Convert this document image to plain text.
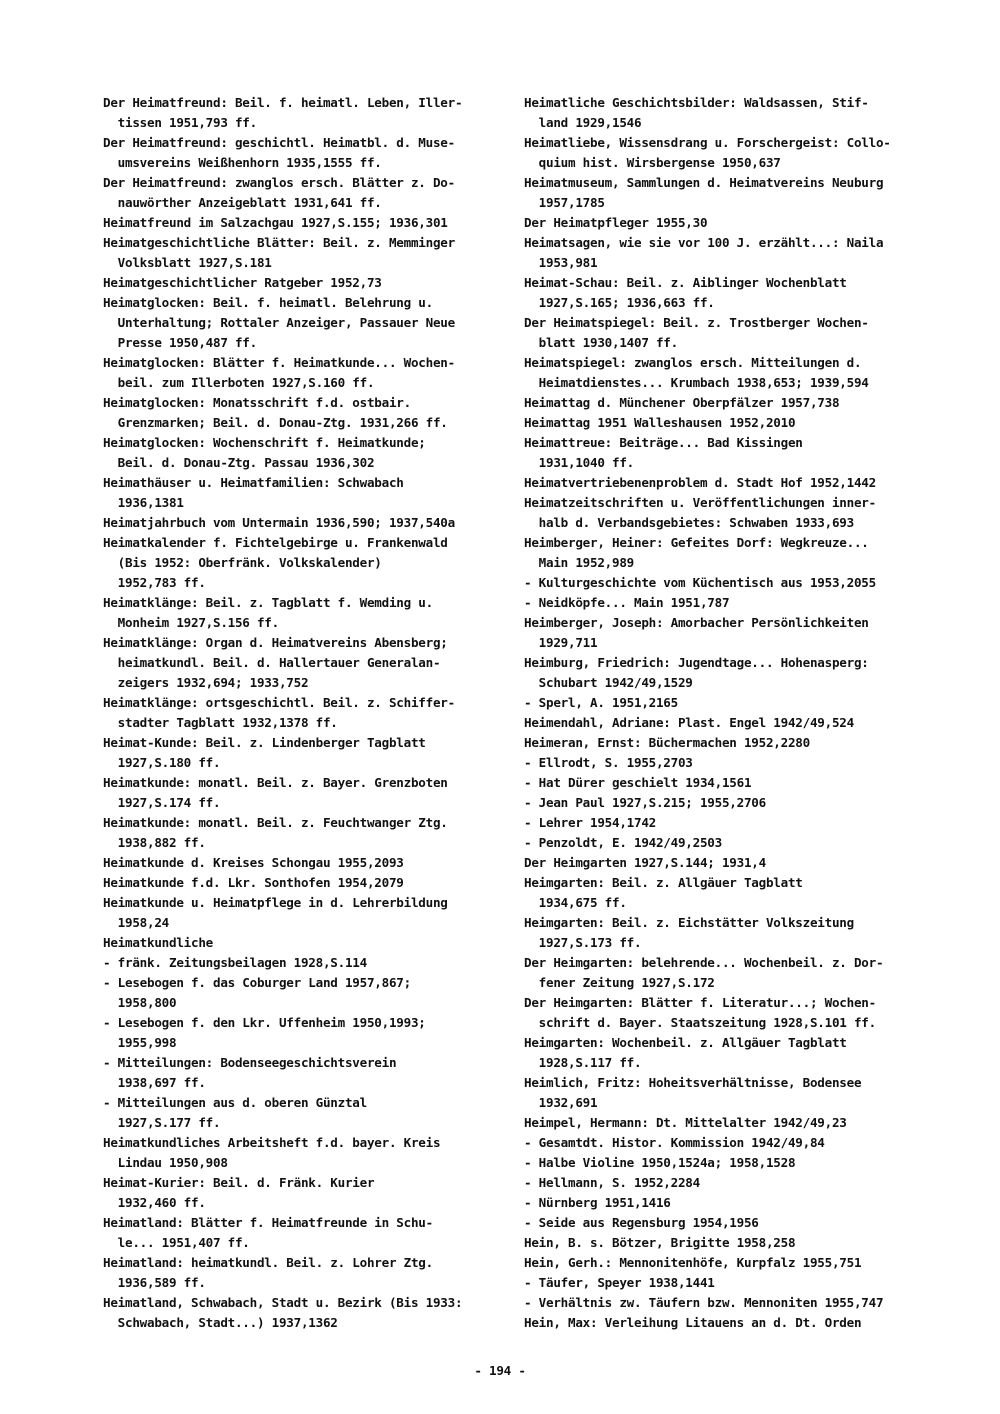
Der Heimatfreund: Beil. f. heimatl. Leben, Iller-
tissen 1951,793 ff.
Der Heimatfreund: geschichtl. Heimatbl. d. Muse-
umsvereins Weißhenhorn 1935,1555 ff.
Der Heimatfreund: zwanglos ersch. Blätter z. Do-
nauwörther Anzeigeblatt 1931,641 ff.
Heimatfreund im Salzachgau 1927,S.155; 1936,301
Heimatgeschichtliche Blätter: Beil. z. Memminger
Volksblatt 1927,S.181
Heimatgeschichtlicher Ratgeber 1952,73
Heimatglocken: Beil. f. heimatl. Belehrung u.
Unterhaltung; Rottaler Anzeiger, Passauer Neue
Presse 1950,487 ff.
Heimatglocken: Blätter f. Heimatkunde... Wochen-
beil. zum Illerboten 1927,S.160 ff.
Heimatglocken: Monatsschrift f.d. ostbair.
Grenzmarken; Beil. d. Donau-Ztg. 1931,266 ff.
Heimatglocken: Wochenschrift f. Heimatkunde;
Beil. d. Donau-Ztg. Passau 1936,302
Heimathäuser u. Heimatfamilien: Schwabach
1936,1381
Heimatjahrbuch vom Untermain 1936,590; 1937,540a
Heimatkalender f. Fichtelgebirge u. Frankenwald
(Bis 1952: Oberfränk. Volkskalender)
1952,783 ff.
Heimatklänge: Beil. z. Tagblatt f. Wemding u.
Monheim 1927,S.156 ff.
Heimatklänge: Organ d. Heimatvereins Abensberg;
heimatkundl. Beil. d. Hallertauer Generalan-
zeigers 1932,694; 1933,752
Heimatklänge: ortsgeschichtl. Beil. z. Schiffer-
stadter Tagblatt 1932,1378 ff.
Heimat-Kunde: Beil. z. Lindenberger Tagblatt
1927,S.180 ff.
Heimatkunde: monatl. Beil. z. Bayer. Grenzboten
1927,S.174 ff.
Heimatkunde: monatl. Beil. z. Feuchtwanger Ztg.
1938,882 ff.
Heimatkunde d. Kreises Schongau 1955,2093
Heimatkunde f.d. Lkr. Sonthofen 1954,2079
Heimatkunde u. Heimatpflege in d. Lehrerbildung
1958,24
Heimatkundliche
- fränk. Zeitungsbeilagen 1928,S.114
- Lesebogen f. das Coburger Land 1957,867;
1958,800
- Lesebogen f. den Lkr. Uffenheim 1950,1993;
1955,998
- Mitteilungen: Bodenseegeschichtsverein
1938,697 ff.
- Mitteilungen aus d. oberen Günztal
1927,S.177 ff.
Heimatkundliches Arbeitsheft f.d. bayer. Kreis
Lindau 1950,908
Heimat-Kurier: Beil. d. Fränk. Kurier
1932,460 ff.
Heimatland: Blätter f. Heimatfreunde in Schu-
le... 1951,407 ff.
Heimatland: heimatkundl. Beil. z. Lohrer Ztg.
1936,589 ff.
Heimatland, Schwabach, Stadt u. Bezirk (Bis 1933:
Schwabach, Stadt...) 1937,1362
Heimatliche Geschichtsbilder: Waldsassen, Stif-
land 1929,1546
Heimatliebe, Wissensdrang u. Forschergeist: Collo-
quium hist. Wirsbergense 1950,637
Heimatmuseum, Sammlungen d. Heimatvereins Neuburg
1957,1785
Der Heimatpfleger 1955,30
Heimatsagen, wie sie vor 100 J. erzählt...: Naila
1953,981
Heimat-Schau: Beil. z. Aiblinger Wochenblatt
1927,S.165; 1936,663 ff.
Der Heimatspiegel: Beil. z. Trostberger Wochen-
blatt 1930,1407 ff.
Heimatspiegel: zwanglos ersch. Mitteilungen d.
Heimatdienstes... Krumbach 1938,653; 1939,594
Heimattag d. Münchener Oberpfälzer 1957,738
Heimattag 1951 Walleshausen 1952,2010
Heimattreue: Beiträge... Bad Kissingen
1931,1040 ff.
Heimatvertriebenenproblem d. Stadt Hof 1952,1442
Heimatzeitschriften u. Veröffentlichungen inner-
halb d. Verbandsgebietes: Schwaben 1933,693
Heimberger, Heiner: Gefeites Dorf: Wegkreuze...
Main 1952,989
- Kulturgeschichte vom Küchentisch aus 1953,2055
- Neidköpfe... Main 1951,787
Heimberger, Joseph: Amorbacher Persönlichkeiten
1929,711
Heimburg, Friedrich: Jugendtage... Hohenasperg:
Schubart 1942/49,1529
- Sperl, A. 1951,2165
Heimendahl, Adriane: Plast. Engel 1942/49,524
Heimeran, Ernst: Büchermachen 1952,2280
- Ellrodt, S. 1955,2703
- Hat Dürer geschielt 1934,1561
- Jean Paul 1927,S.215; 1955,2706
- Lehrer 1954,1742
- Penzoldt, E. 1942/49,2503
Der Heimgarten 1927,S.144; 1931,4
Heimgarten: Beil. z. Allgäuer Tagblatt
1934,675 ff.
Heimgarten: Beil. z. Eichstätter Volkszeitung
1927,S.173 ff.
Der Heimgarten: belehrende... Wochenbeil. z. Dor-
fener Zeitung 1927,S.172
Der Heimgarten: Blätter f. Literatur...; Wochen-
schrift d. Bayer. Staatszeitung 1928,S.101 ff.
Heimgarten: Wochenbeil. z. Allgäuer Tagblatt
1928,S.117 ff.
Heimlich, Fritz: Hoheitsverhältnisse, Bodensee
1932,691
Heimpel, Hermann: Dt. Mittelalter 1942/49,23
- Gesamtdt. Histor. Kommission 1942/49,84
- Halbe Violine 1950,1524a; 1958,1528
- Hellmann, S. 1952,2284
- Nürnberg 1951,1416
- Seide aus Regensburg 1954,1956
Hein, B. s. Bötzer, Brigitte 1958,258
Hein, Gerh.: Mennonitenhöfe, Kurpfalz 1955,751
- Täufer, Speyer 1938,1441
- Verhältnis zw. Täufern bzw. Mennoniten 1955,747
Hein, Max: Verleihung Litauens an d. Dt. Orden
- 194 -
